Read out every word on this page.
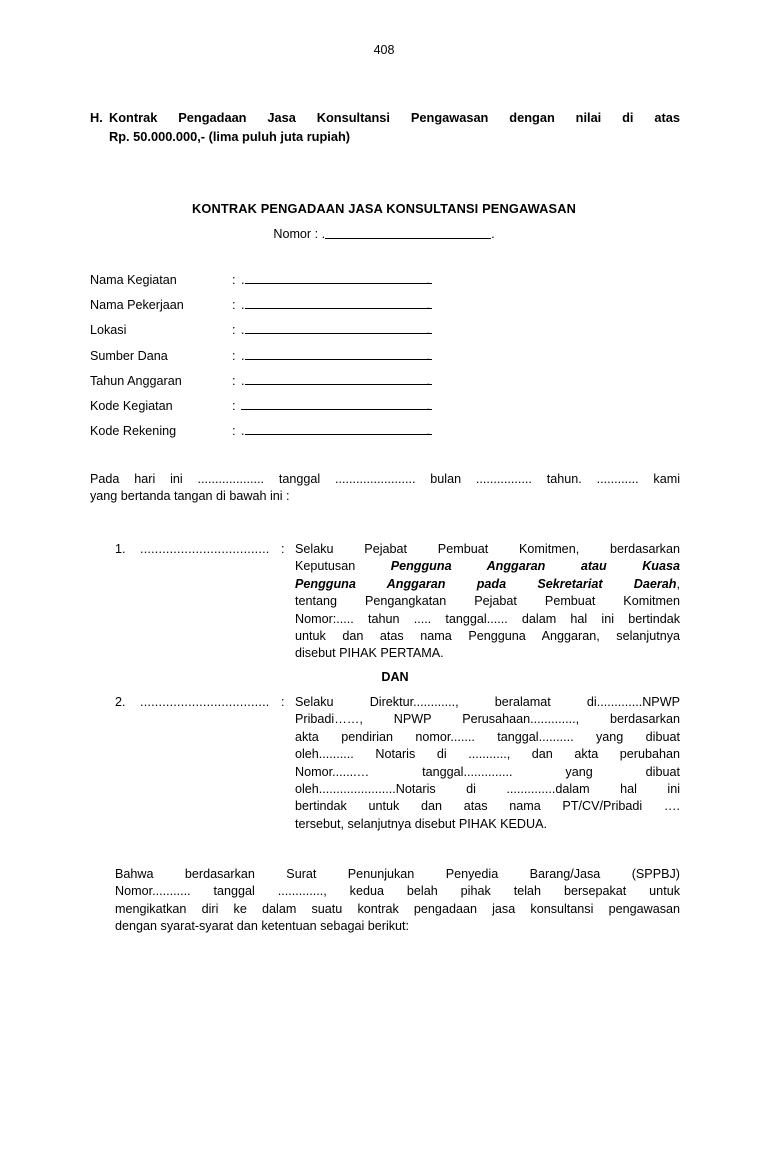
408
H. Kontrak Pengadaan Jasa Konsultansi Pengawasan dengan nilai di atas
Rp. 50.000.000,- (lima puluh juta rupiah)
KONTRAK PENGADAAN JASA KONSULTANSI PENGAWASAN
Nomor : .	.
Nama Kegiatan	: .	.
Nama Pekerjaan	: .	.
Lokasi	: .	.
Sumber Dana	: .	.
Tahun Anggaran	: .	.
Kode Kegiatan	:	.
Kode Rekening	: .	.
Pada hari ini ................... tanggal ....................... bulan ................ tahun. ............ kami
yang bertanda tangan di bawah ini :
1.	................................... : Selaku Pejabat Pembuat Komitmen, berdasarkan
Keputusan Pengguna Anggaran atau Kuasa
Pengguna Anggaran pada Sekretariat Daerah,
tentang Pengangkatan Pejabat Pembuat Komitmen
Nomor:..... tahun ..... tanggal...... dalam hal ini bertindak
untuk dan atas nama Pengguna Anggaran, selanjutnya
disebut PIHAK PERTAMA.
DAN
2.	................................... : Selaku Direktur............, beralamat di.............NPWP
Pribadi……, NPWP Perusahaan............., berdasarkan
akta pendirian nomor....... tanggal.......... yang dibuat
oleh.......... Notaris di ..........., dan akta perubahan
Nomor.......… tanggal.............. yang dibuat
oleh......................Notaris di ..............dalam hal ini
bertindak untuk dan atas nama PT/CV/Pribadi ….
tersebut, selanjutnya disebut PIHAK KEDUA.
Bahwa berdasarkan Surat Penunjukan Penyedia Barang/Jasa (SPPBJ)
Nomor........... tanggal ............., kedua belah pihak telah bersepakat untuk
mengikatkan diri ke dalam suatu kontrak pengadaan jasa konsultansi pengawasan
dengan syarat-syarat dan ketentuan sebagai berikut:
